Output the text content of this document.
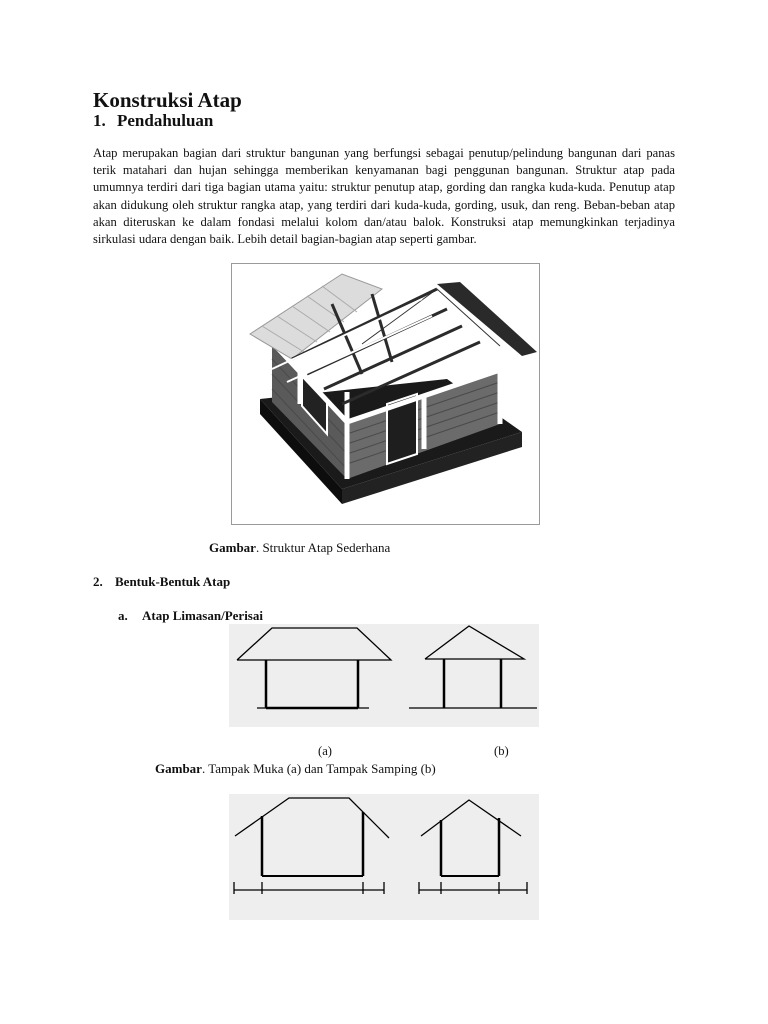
Konstruksi Atap
1. Pendahuluan

Atap merupakan bagian dari struktur bangunan yang berfungsi sebagai penutup/pelindung bangunan dari panas terik matahari dan hujan sehingga memberikan kenyamanan bagi penggunan bangunan. Struktur atap pada umumnya terdiri dari tiga bagian utama yaitu: struktur penutup atap, gording dan rangka kuda-kuda. Penutup atap akan didukung oleh struktur rangka atap, yang terdiri dari kuda-kuda, gording, usuk, dan reng. Beban-beban atap akan diteruskan ke dalam fondasi melalui kolom dan/atau balok. Konstruksi atap memungkinkan terjadinya sirkulasi udara dengan baik. Lebih detail bagian-bagian atap seperti gambar.

Gambar. Struktur Atap Sederhana

2. Bentuk-Bentuk Atap
a. Atap Limasan/Perisai

(a)	(b)

Gambar. Tampak Muka (a) dan Tampak Samping (b)
